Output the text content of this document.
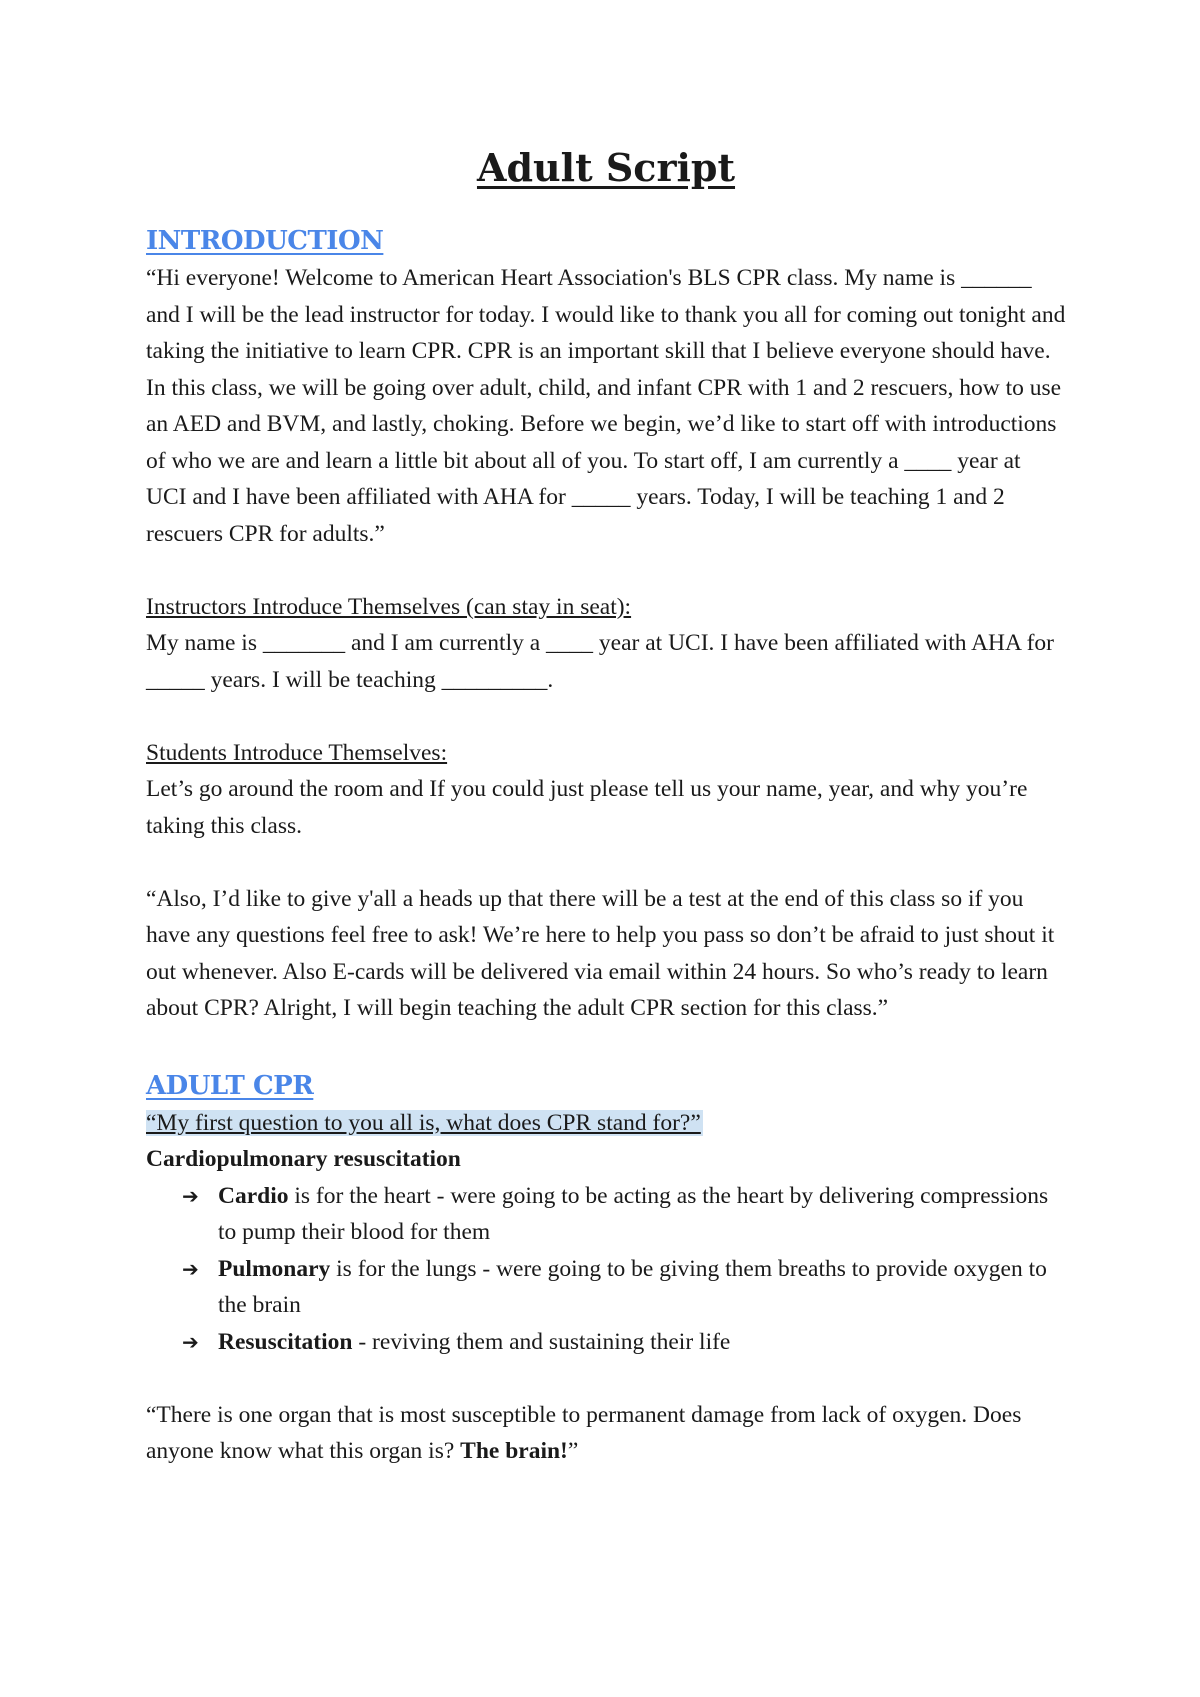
Adult Script
INTRODUCTION

“Hi everyone! Welcome to American Heart Association's BLS CPR class. My name is ______ and I will be the lead instructor for today. I would like to thank you all for coming out tonight and taking the initiative to learn CPR. CPR is an important skill that I believe everyone should have. In this class, we will be going over adult, child, and infant CPR with 1 and 2 rescuers, how to use an AED and BVM, and lastly, choking. Before we begin, we’d like to start off with introductions of who we are and learn a little bit about all of you. To start off, I am currently a ____ year at UCI and I have been affiliated with AHA for _____ years. Today, I will be teaching 1 and 2 rescuers CPR for adults.”

Instructors Introduce Themselves (can stay in seat):

My name is _______ and I am currently a ____ year at UCI. I have been affiliated with AHA for _____ years. I will be teaching _________.

Students Introduce Themselves:

Let’s go around the room and If you could just please tell us your name, year, and why you’re taking this class.

“Also, I’d like to give y'all a heads up that there will be a test at the end of this class so if you have any questions feel free to ask! We’re here to help you pass so don’t be afraid to just shout it out whenever. Also E-cards will be delivered via email within 24 hours. So who’s ready to learn about CPR? Alright, I will begin teaching the adult CPR section for this class.”

ADULT CPR

“My first question to you all is, what does CPR stand for?”

Cardiopulmonary resuscitation

➔ Cardio is for the heart - were going to be acting as the heart by delivering compressions to pump their blood for them
➔ Pulmonary is for the lungs - were going to be giving them breaths to provide oxygen to the brain
➔ Resuscitation - reviving them and sustaining their life

“There is one organ that is most susceptible to permanent damage from lack of oxygen. Does anyone know what this organ is? The brain!”
